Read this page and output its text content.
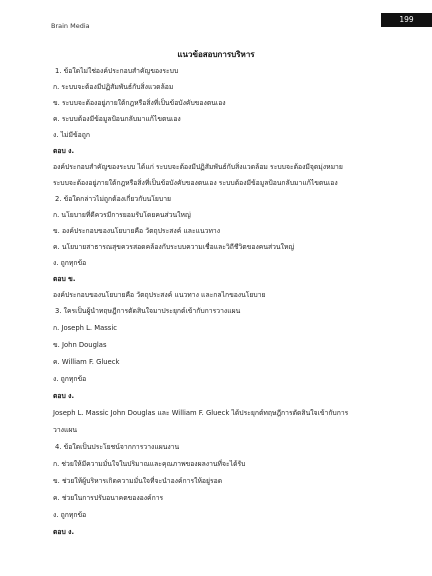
Brain Media
199
แนวข้อสอบการบริหาร
1. ข้อใดไม่ใช่องค์ประกอบสำคัญของระบบ
ก. ระบบจะต้องมีปฏิสัมพันธ์กับสิ่งแวดล้อม
ข. ระบบจะต้องอยู่ภายใต้กฎหรือสิ่งที่เป็นข้อบังคับของตนเอง
ค. ระบบต้องมีข้อมูลป้อนกลับมาแก้ไขตนเอง
ง. ไม่มีข้อถูก
ตอบ ง.
องค์ประกอบสำคัญของระบบ ได้แก่ ระบบจะต้องมีปฏิสัมพันธ์กับสิ่งแวดล้อม ระบบจะต้องมีจุดมุ่งหมาย
ระบบจะต้องอยู่ภายใต้กฎหรือสิ่งที่เป็นข้อบังคับของตนเอง ระบบต้องมีข้อมูลป้อนกลับมาแก้ไขตนเอง
2. ข้อใดกล่าวไม่ถูกต้องเกี่ยวกับนโยบาย
ก. นโยบายที่ดีควรมีการยอมรับโดยคนส่วนใหญ่
ข. องค์ประกอบของนโยบายคือ วัตถุประสงค์ และแนวทาง
ค. นโยบายสาธารณสุขควรสอดคล้องกับระบบความเชื่อและวิถีชีวิตของคนส่วนใหญ่
ง. ถูกทุกข้อ
ตอบ ข.
องค์ประกอบของนโยบายคือ วัตถุประสงค์ แนวทาง และกลไกของนโยบาย
3. ใครเป็นผู้นำทฤษฎีการตัดสินใจมาประยุกต์เข้ากับการวางแผน
ก. Joseph L. Massic
ข. John Douglas
ค. William F. Glueck
ง. ถูกทุกข้อ
ตอบ ง.
Joseph L. Massic John Douglas และ William F. Glueck ได้ประยุกต์ทฤษฎีการตัดสินใจเข้ากับการ
วางแผน
4. ข้อใดเป็นประโยชน์จากการวางแผนงาน
ก. ช่วยให้มีความมั่นใจในปริมาณและคุณภาพของผลงานที่จะได้รับ
ข. ช่วยให้ผู้บริหารเกิดความมั่นใจที่จะนำองค์การให้อยู่รอด
ค. ช่วยในการปรับอนาคตขององค์การ
ง. ถูกทุกข้อ
ตอบ ง.
